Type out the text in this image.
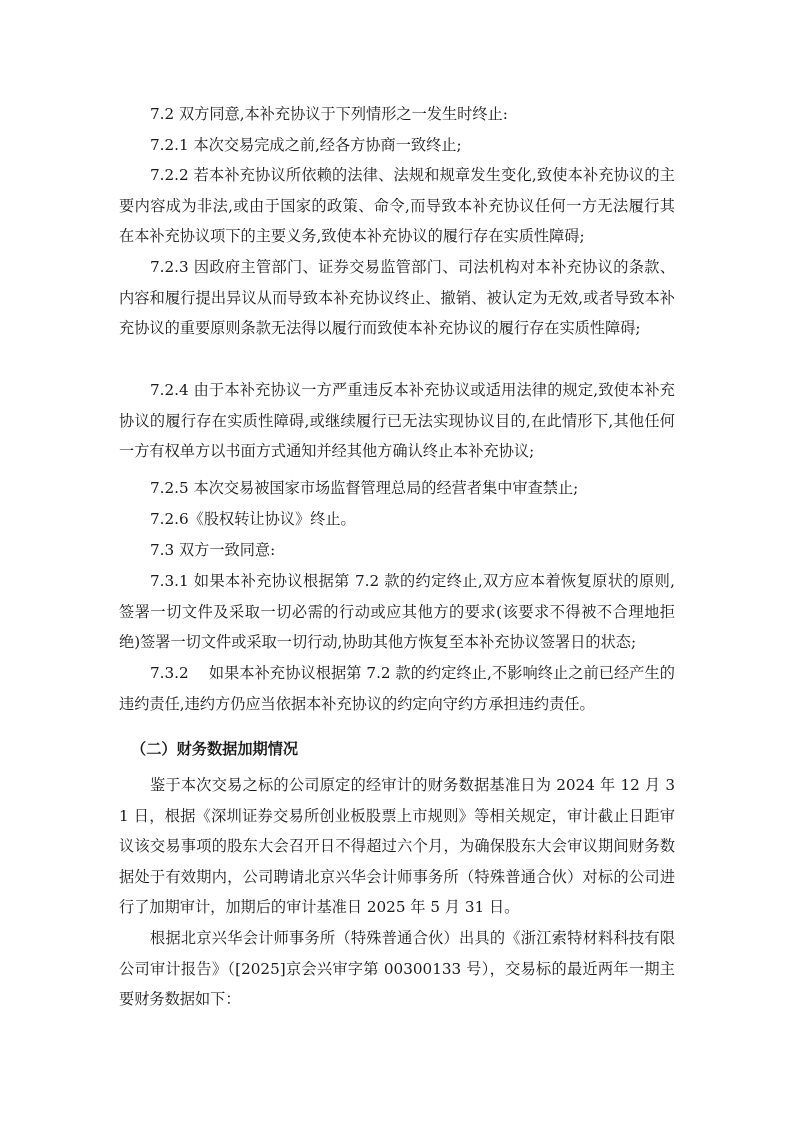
7.2 双方同意,本补充协议于下列情形之一发生时终止:

7.2.1 本次交易完成之前,经各方协商一致终止;

7.2.2 若本补充协议所依赖的法律、法规和规章发生变化,致使本补充协议的主要内容成为非法,或由于国家的政策、命令,而导致本补充协议任何一方无法履行其在本补充协议项下的主要义务,致使本补充协议的履行存在实质性障碍;

7.2.3 因政府主管部门、证券交易监管部门、司法机构对本补充协议的条款、内容和履行提出异议从而导致本补充协议终止、撤销、被认定为无效,或者导致本补充协议的重要原则条款无法得以履行而致使本补充协议的履行存在实质性障碍;

7.2.4 由于本补充协议一方严重违反本补充协议或适用法律的规定,致使本补充协议的履行存在实质性障碍,或继续履行已无法实现协议目的,在此情形下,其他任何一方有权单方以书面方式通知并经其他方确认终止本补充协议;

7.2.5 本次交易被国家市场监督管理总局的经营者集中审查禁止;

7.2.6《股权转让协议》终止。

7.3 双方一致同意:

7.3.1 如果本补充协议根据第 7.2 款的约定终止,双方应本着恢复原状的原则,签署一切文件及采取一切必需的行动或应其他方的要求(该要求不得被不合理地拒绝)签署一切文件或采取一切行动,协助其他方恢复至本补充协议签署日的状态;

7.3.2　 如果本补充协议根据第 7.2 款的约定终止,不影响终止之前已经产生的违约责任,违约方仍应当依据本补充协议的约定向守约方承担违约责任。

（二）财务数据加期情况

鉴于本次交易之标的公司原定的经审计的财务数据基准日为 2024 年 12 月 31 日，根据《深圳证券交易所创业板股票上市规则》等相关规定，审计截止日距审议该交易事项的股东大会召开日不得超过六个月，为确保股东大会审议期间财务数据处于有效期内，公司聘请北京兴华会计师事务所（特殊普通合伙）对标的公司进行了加期审计，加期后的审计基准日 2025 年 5 月 31 日。

根据北京兴华会计师事务所（特殊普通合伙）出具的《浙江索特材料科技有限公司审计报告》（[2025]京会兴审字第 00300133 号），交易标的最近两年一期主要财务数据如下：
